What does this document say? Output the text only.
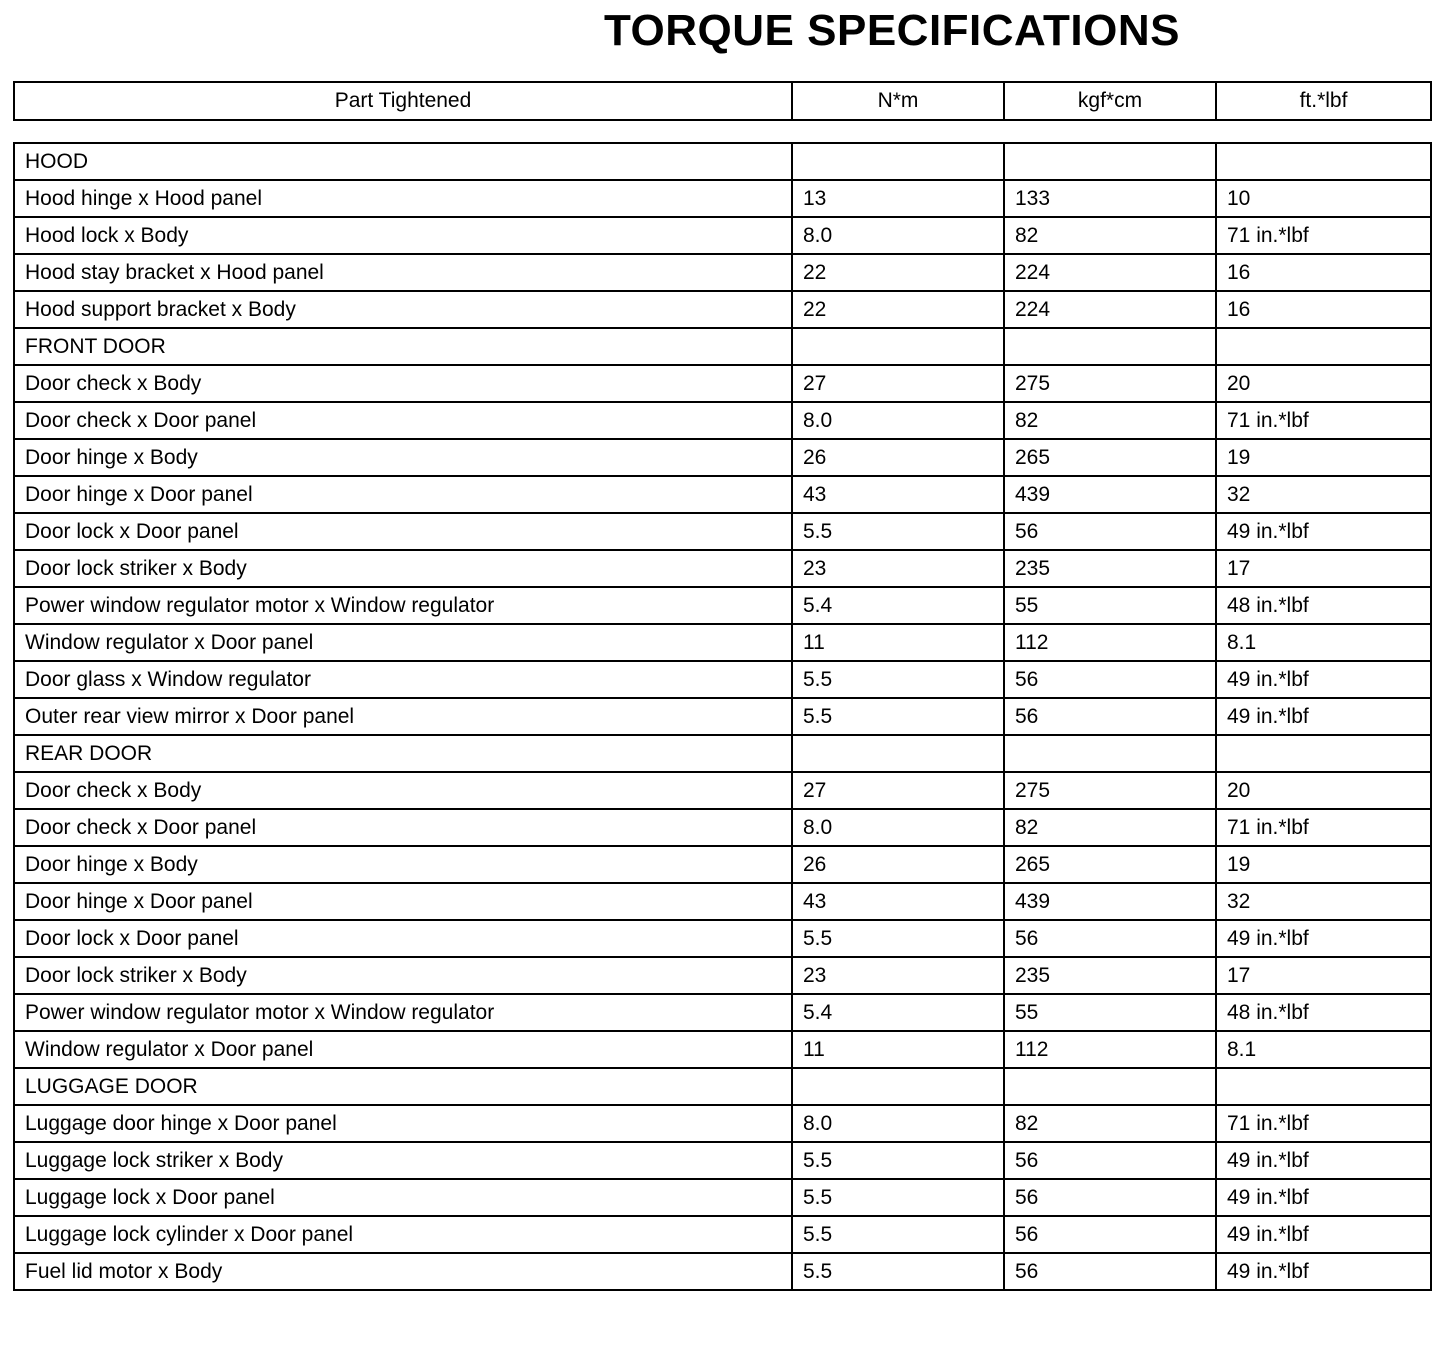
TORQUE SPECIFICATIONS
Part Tightened	N*m	kgf*cm	ft.*lbf
HOOD			
Hood hinge x Hood panel	13	133	10
Hood lock x Body	8.0	82	71 in.*lbf
Hood stay bracket x Hood panel	22	224	16
Hood support bracket x Body	22	224	16
FRONT DOOR			
Door check x Body	27	275	20
Door check x Door panel	8.0	82	71 in.*lbf
Door hinge x Body	26	265	19
Door hinge x Door panel	43	439	32
Door lock x Door panel	5.5	56	49 in.*lbf
Door lock striker x Body	23	235	17
Power window regulator motor x Window regulator	5.4	55	48 in.*lbf
Window regulator x Door panel	11	112	8.1
Door glass x Window regulator	5.5	56	49 in.*lbf
Outer rear view mirror x Door panel	5.5	56	49 in.*lbf
REAR DOOR			
Door check x Body	27	275	20
Door check x Door panel	8.0	82	71 in.*lbf
Door hinge x Body	26	265	19
Door hinge x Door panel	43	439	32
Door lock x Door panel	5.5	56	49 in.*lbf
Door lock striker x Body	23	235	17
Power window regulator motor x Window regulator	5.4	55	48 in.*lbf
Window regulator x Door panel	11	112	8.1
LUGGAGE DOOR			
Luggage door hinge x Door panel	8.0	82	71 in.*lbf
Luggage lock striker x Body	5.5	56	49 in.*lbf
Luggage lock x Door panel	5.5	56	49 in.*lbf
Luggage lock cylinder x Door panel	5.5	56	49 in.*lbf
Fuel lid motor x Body	5.5	56	49 in.*lbf
